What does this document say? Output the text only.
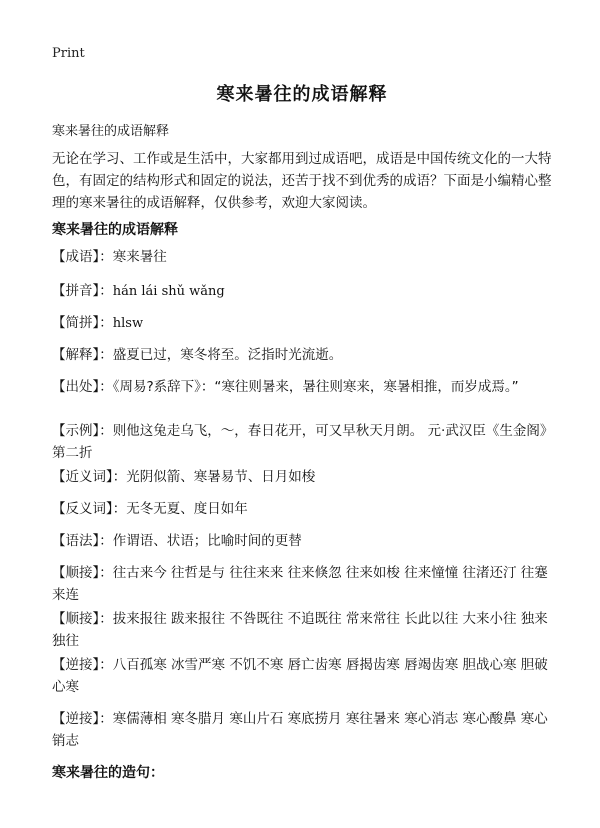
Print
寒来暑往的成语解释
寒来暑往的成语解释
无论在学习、工作或是生活中，大家都用到过成语吧，成语是中国传统文化的一大特色，有固定的结构形式和固定的说法，还苦于找不到优秀的成语？下面是小编精心整理的寒来暑往的成语解释，仅供参考，欢迎大家阅读。
寒来暑往的成语解释
【成语】：寒来暑往
【拼音】：hán lái shǔ wǎng
【简拼】：hlsw
【解释】：盛夏已过，寒冬将至。泛指时光流逝。
【出处】：《周易?系辞下》：“寒往则暑来，暑往则寒来，寒暑相推，而岁成焉。”
【示例】：则他这兔走乌飞，～，春日花开，可又早秋天月朗。 元·武汉臣《生金阁》第二折
【近义词】：光阴似箭、寒暑易节、日月如梭
【反义词】：无冬无夏、度日如年
【语法】：作谓语、状语；比喻时间的更替
【顺接】：往古来今 往哲是与 往往来来 往来倏忽 往来如梭 往来憧憧 往渚还汀 往蹇来连
【顺接】：拔来报往 跋来报往 不咎既往 不追既往 常来常往 长此以往 大来小往 独来独往
【逆接】：八百孤寒 冰雪严寒 不饥不寒 唇亡齿寒 唇揭齿寒 唇竭齿寒 胆战心寒 胆破心寒
【逆接】：寒儒薄相 寒冬腊月 寒山片石 寒底捞月 寒往暑来 寒心消志 寒心酸鼻 寒心销志
寒来暑往的造句：
